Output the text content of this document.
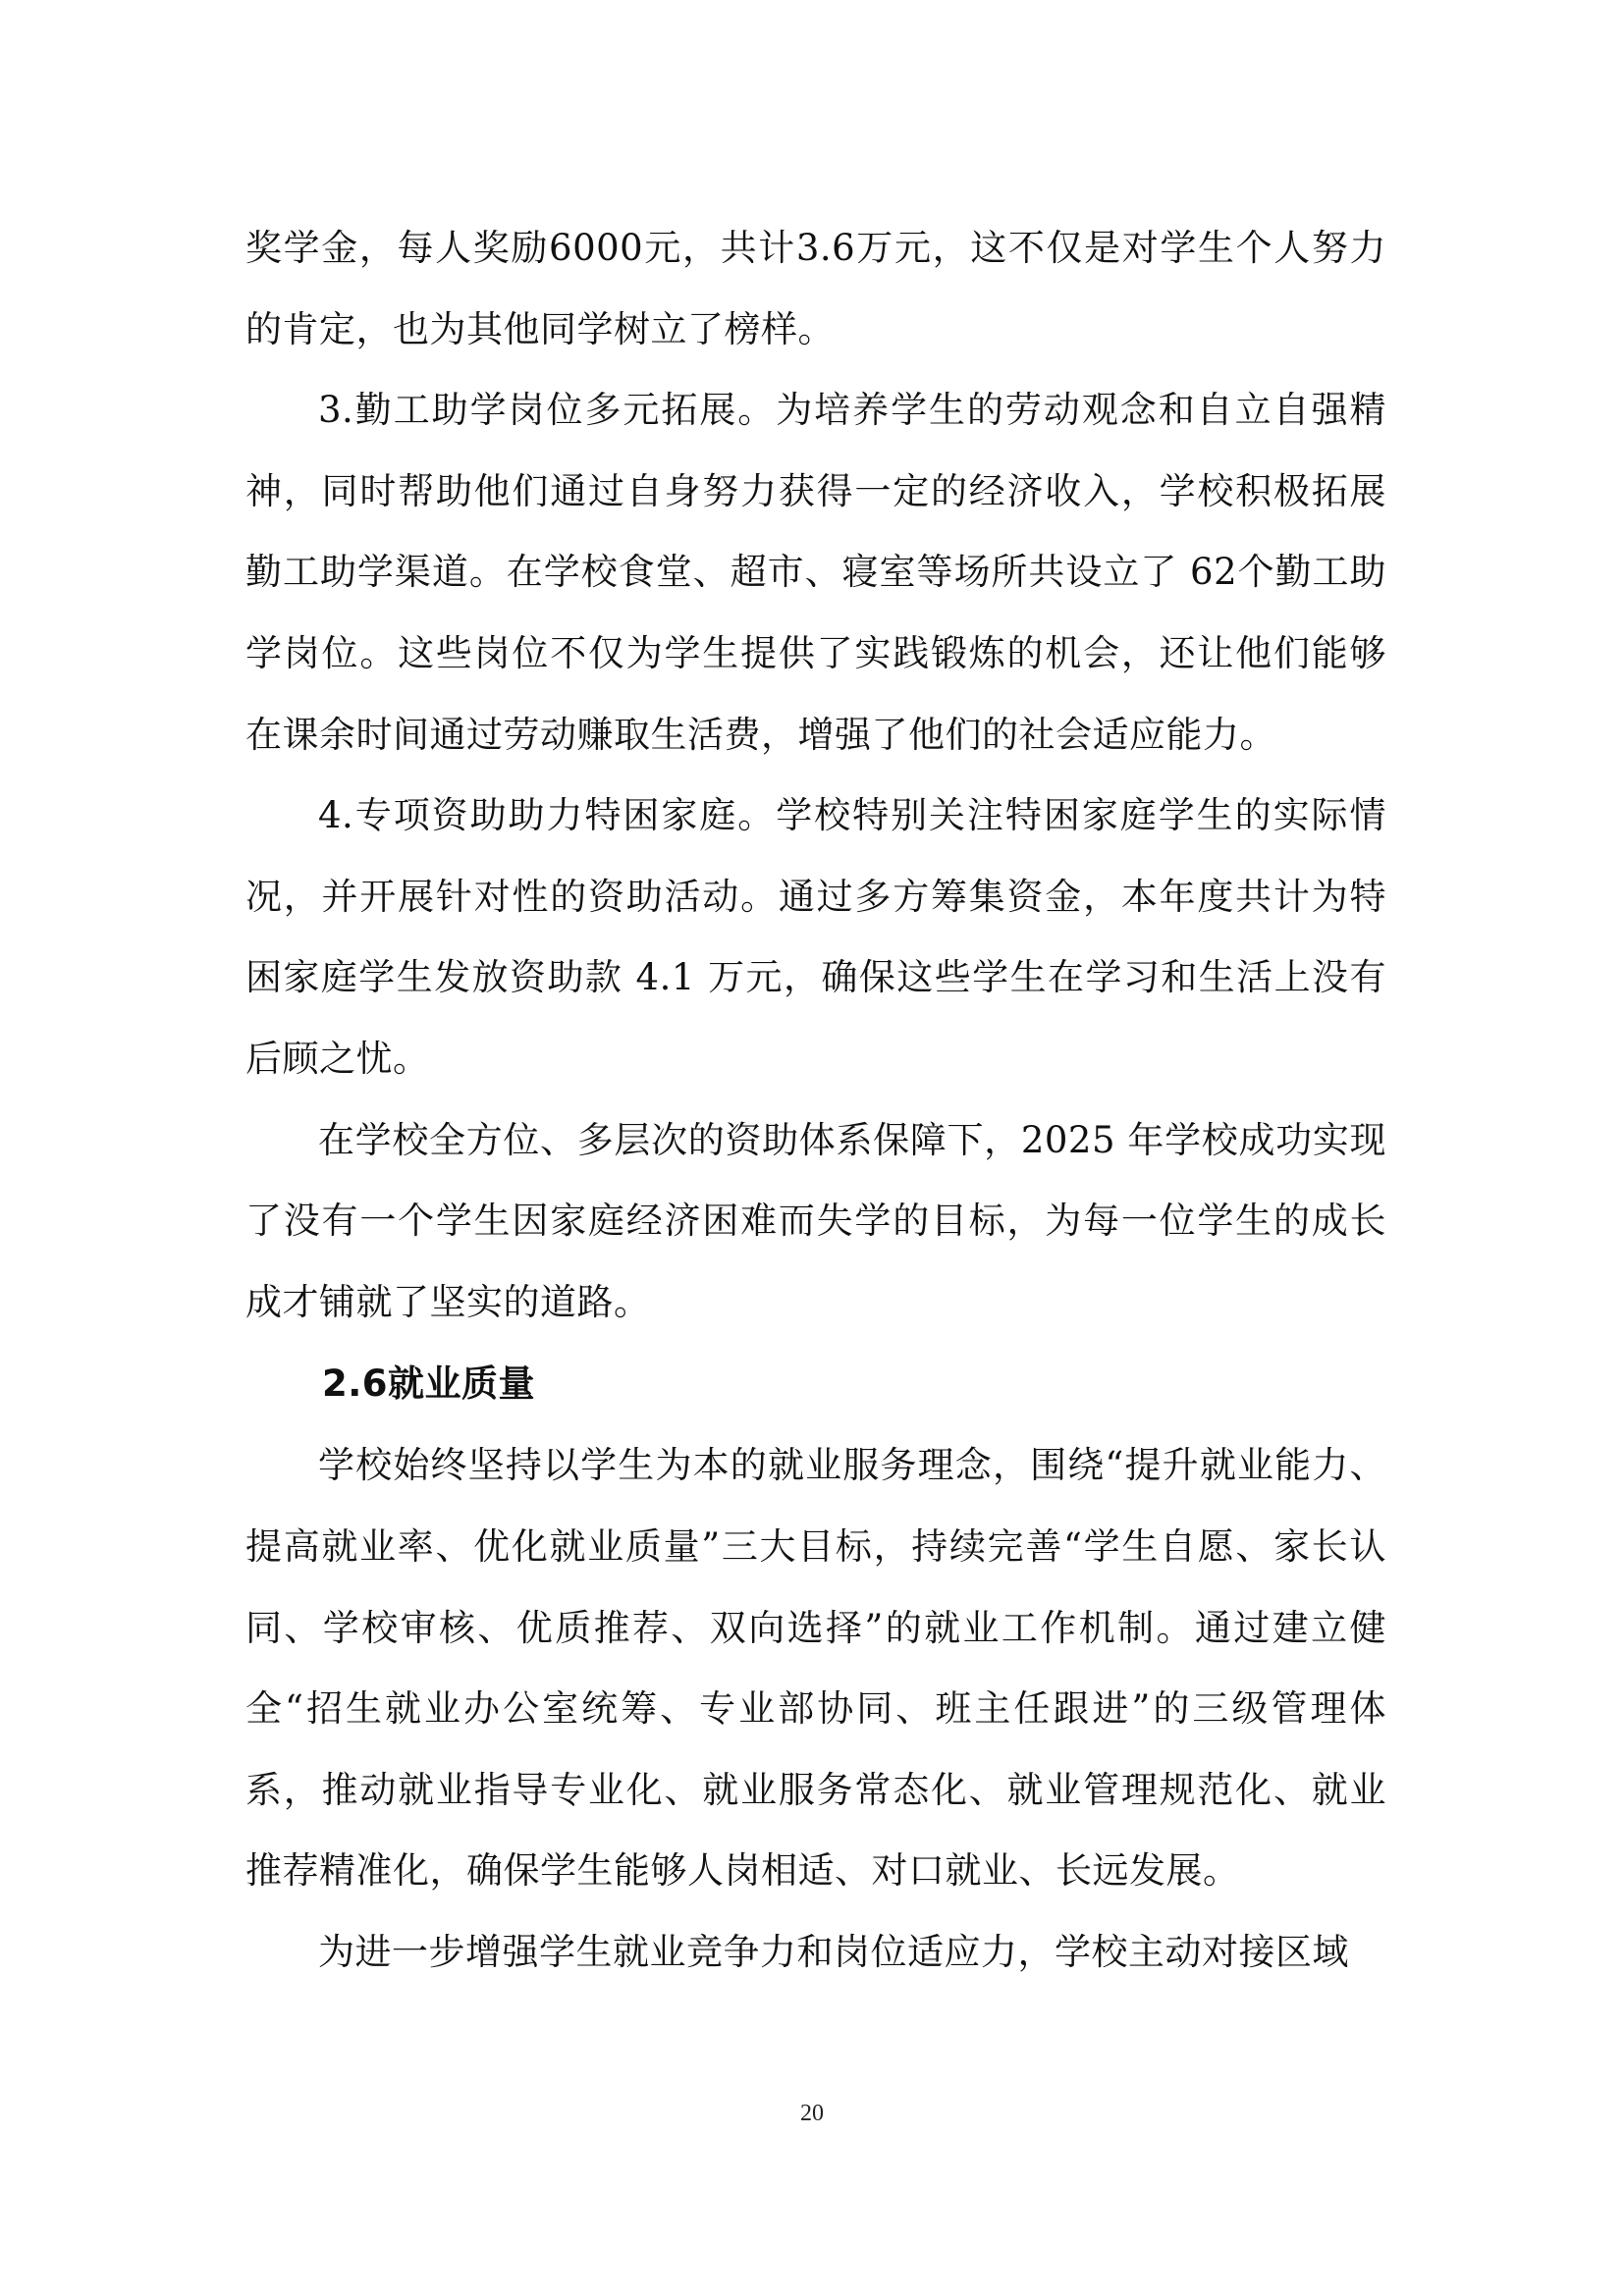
奖学金，每人奖励6000元，共计3.6万元，这不仅是对学生个人努力的肯定，也为其他同学树立了榜样。

3.勤工助学岗位多元拓展。为培养学生的劳动观念和自立自强精神，同时帮助他们通过自身努力获得一定的经济收入，学校积极拓展勤工助学渠道。在学校食堂、超市、寝室等场所共设立了 62个勤工助学岗位。这些岗位不仅为学生提供了实践锻炼的机会，还让他们能够在课余时间通过劳动赚取生活费，增强了他们的社会适应能力。

4.专项资助助力特困家庭。学校特别关注特困家庭学生的实际情况，并开展针对性的资助活动。通过多方筹集资金，本年度共计为特困家庭学生发放资助款 4.1 万元，确保这些学生在学习和生活上没有后顾之忧。

在学校全方位、多层次的资助体系保障下，2025 年学校成功实现了没有一个学生因家庭经济困难而失学的目标，为每一位学生的成长成才铺就了坚实的道路。

2.6就业质量

学校始终坚持以学生为本的就业服务理念，围绕“提升就业能力、提高就业率、优化就业质量”三大目标，持续完善“学生自愿、家长认同、学校审核、优质推荐、双向选择”的就业工作机制。通过建立健全“招生就业办公室统筹、专业部协同、班主任跟进”的三级管理体系，推动就业指导专业化、就业服务常态化、就业管理规范化、就业推荐精准化，确保学生能够人岗相适、对口就业、长远发展。

为进一步增强学生就业竞争力和岗位适应力，学校主动对接区域

20
